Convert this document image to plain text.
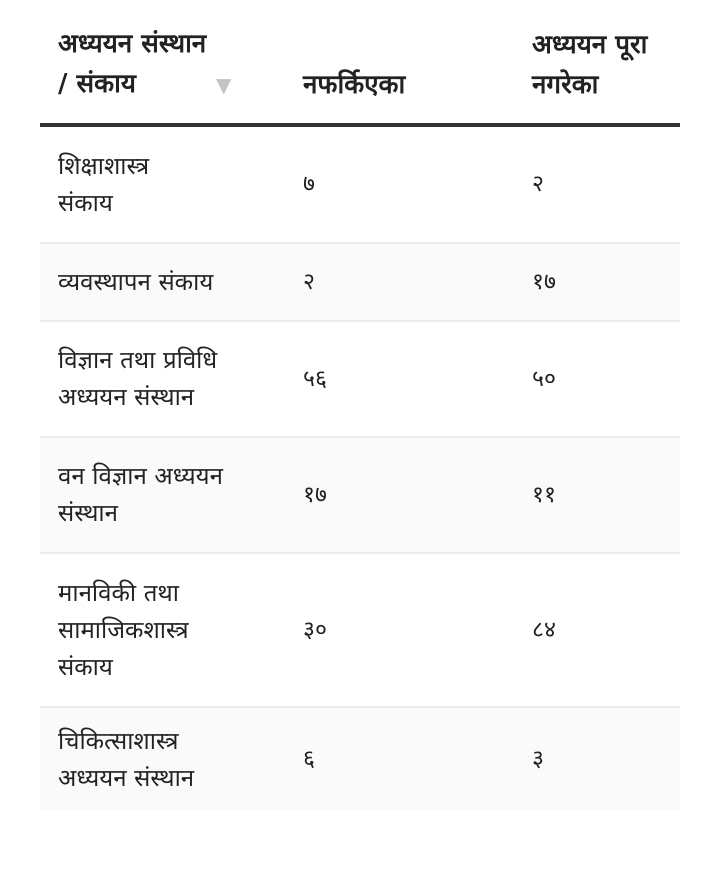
अध्ययन संस्थान / संकाय ▼	नफर्किएका	अध्ययन पूरा नगरेका
शिक्षाशास्त्र संकाय	७	२
व्यवस्थापन संकाय	२	१७
विज्ञान तथा प्रविधि अध्ययन संस्थान	५६	५०
वन विज्ञान अध्ययन संस्थान	१७	११
मानविकी तथा सामाजिकशास्त्र संकाय	३०	८४
चिकित्साशास्त्र अध्ययन संस्थान	६	३
